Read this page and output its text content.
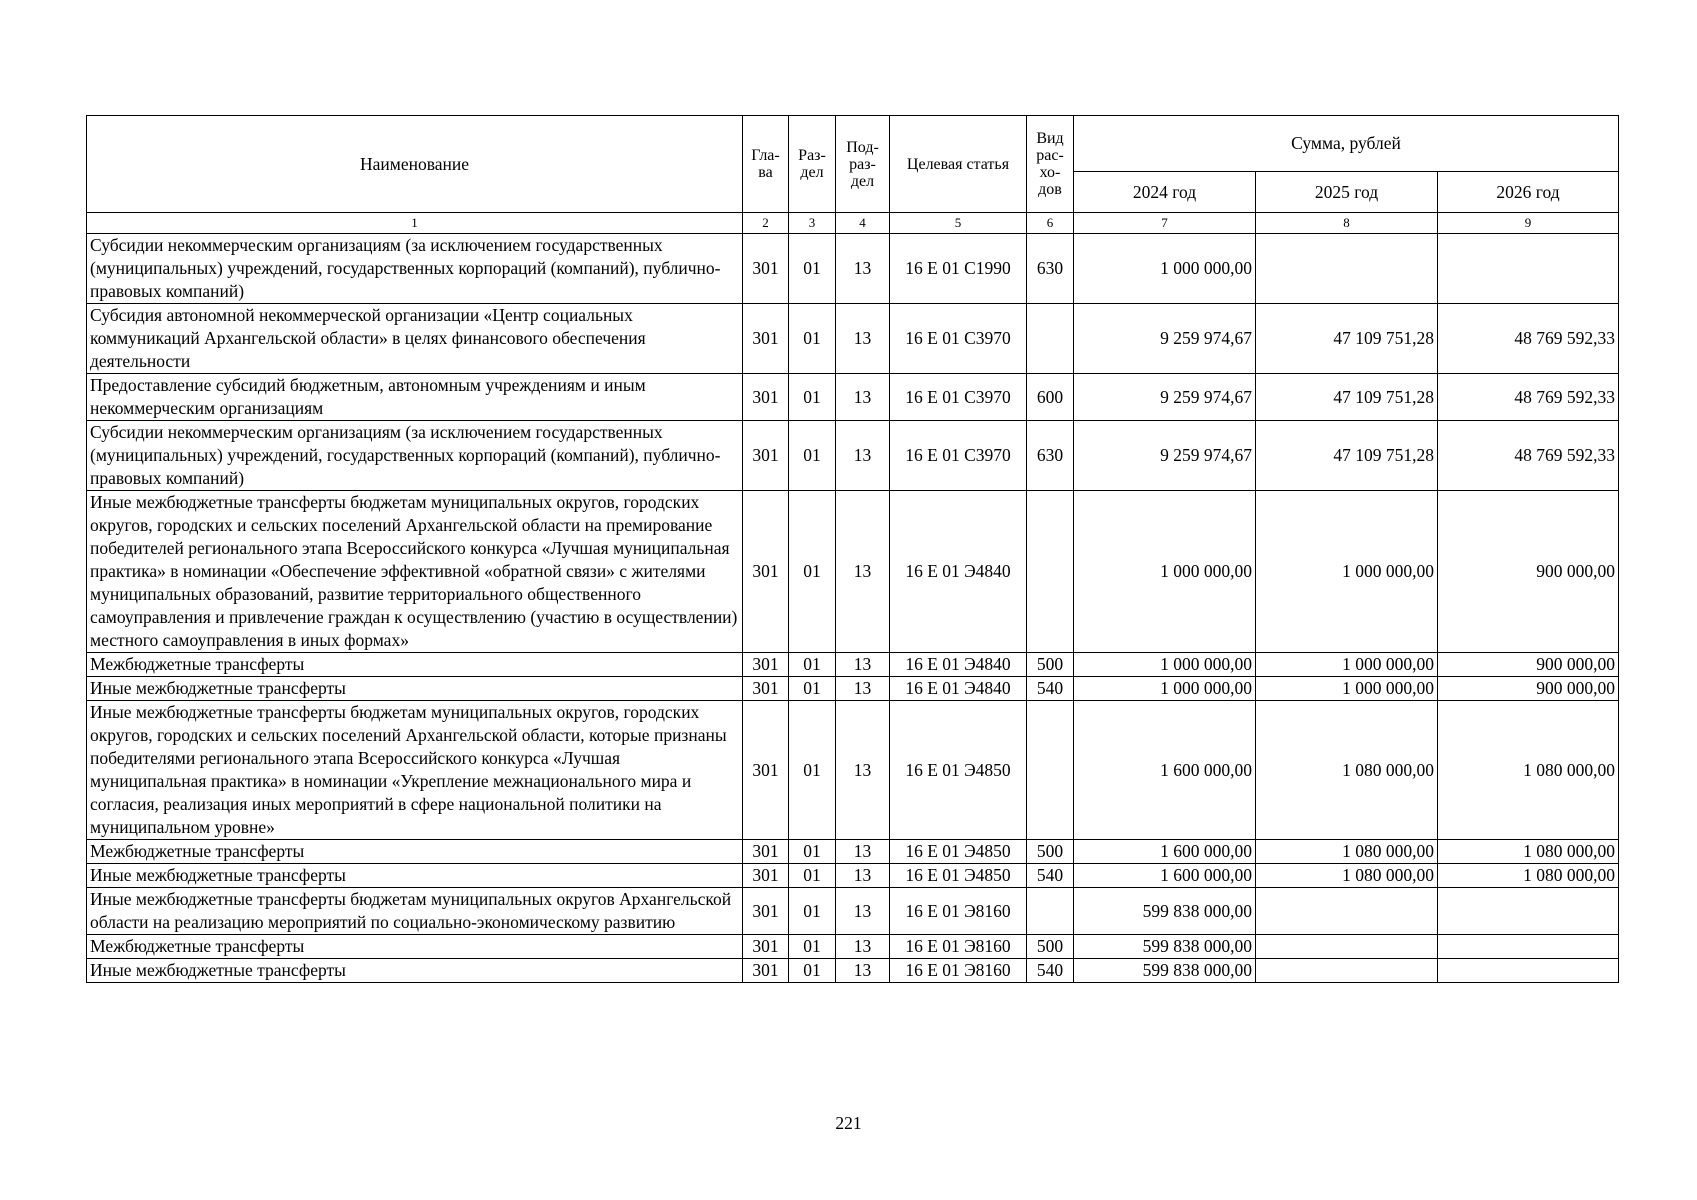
Наименование	Гла-ва	Раз-дел	Под-раз-дел	Целевая статья	Вид рас-хо-дов	Сумма, рублей		
						2024 год	2025 год	2026 год
1	2	3	4	5	6	7	8	9
Субсидии некоммерческим организациям (за исключением государственных (муниципальных) учреждений, государственных корпораций (компаний), публично-правовых компаний)	301	01	13	16 Е 01 С1990	630	1 000 000,00		
Субсидия автономной некоммерческой организации «Центр социальных коммуникаций Архангельской области» в целях финансового обеспечения деятельности	301	01	13	16 Е 01 С3970		9 259 974,67	47 109 751,28	48 769 592,33
Предоставление субсидий бюджетным, автономным учреждениям и иным некоммерческим организациям	301	01	13	16 Е 01 С3970	600	9 259 974,67	47 109 751,28	48 769 592,33
Субсидии некоммерческим организациям (за исключением государственных (муниципальных) учреждений, государственных корпораций (компаний), публично-правовых компаний)	301	01	13	16 Е 01 С3970	630	9 259 974,67	47 109 751,28	48 769 592,33
Иные межбюджетные трансферты бюджетам муниципальных округов, городских округов, городских и сельских поселений Архангельской области на премирование победителей регионального этапа Всероссийского конкурса «Лучшая муниципальная практика» в номинации «Обеспечение эффективной «обратной связи» с жителями муниципальных образований, развитие территориального общественного самоуправления и привлечение граждан к осуществлению (участию в осуществлении) местного самоуправления в иных формах»	301	01	13	16 Е 01 Э4840		1 000 000,00	1 000 000,00	900 000,00
Межбюджетные трансферты	301	01	13	16 Е 01 Э4840	500	1 000 000,00	1 000 000,00	900 000,00
Иные межбюджетные трансферты	301	01	13	16 Е 01 Э4840	540	1 000 000,00	1 000 000,00	900 000,00
Иные межбюджетные трансферты бюджетам муниципальных округов, городских округов, городских и сельских поселений Архангельской области, которые признаны победителями регионального этапа Всероссийского конкурса «Лучшая муниципальная практика» в номинации «Укрепление межнационального мира и согласия, реализация иных мероприятий в сфере национальной политики на муниципальном уровне»	301	01	13	16 Е 01 Э4850		1 600 000,00	1 080 000,00	1 080 000,00
Межбюджетные трансферты	301	01	13	16 Е 01 Э4850	500	1 600 000,00	1 080 000,00	1 080 000,00
Иные межбюджетные трансферты	301	01	13	16 Е 01 Э4850	540	1 600 000,00	1 080 000,00	1 080 000,00
Иные межбюджетные трансферты бюджетам муниципальных округов Архангельской области на реализацию мероприятий по социально-экономическому развитию	301	01	13	16 Е 01 Э8160		599 838 000,00		
Межбюджетные трансферты	301	01	13	16 Е 01 Э8160	500	599 838 000,00		
Иные межбюджетные трансферты	301	01	13	16 Е 01 Э8160	540	599 838 000,00		
221
